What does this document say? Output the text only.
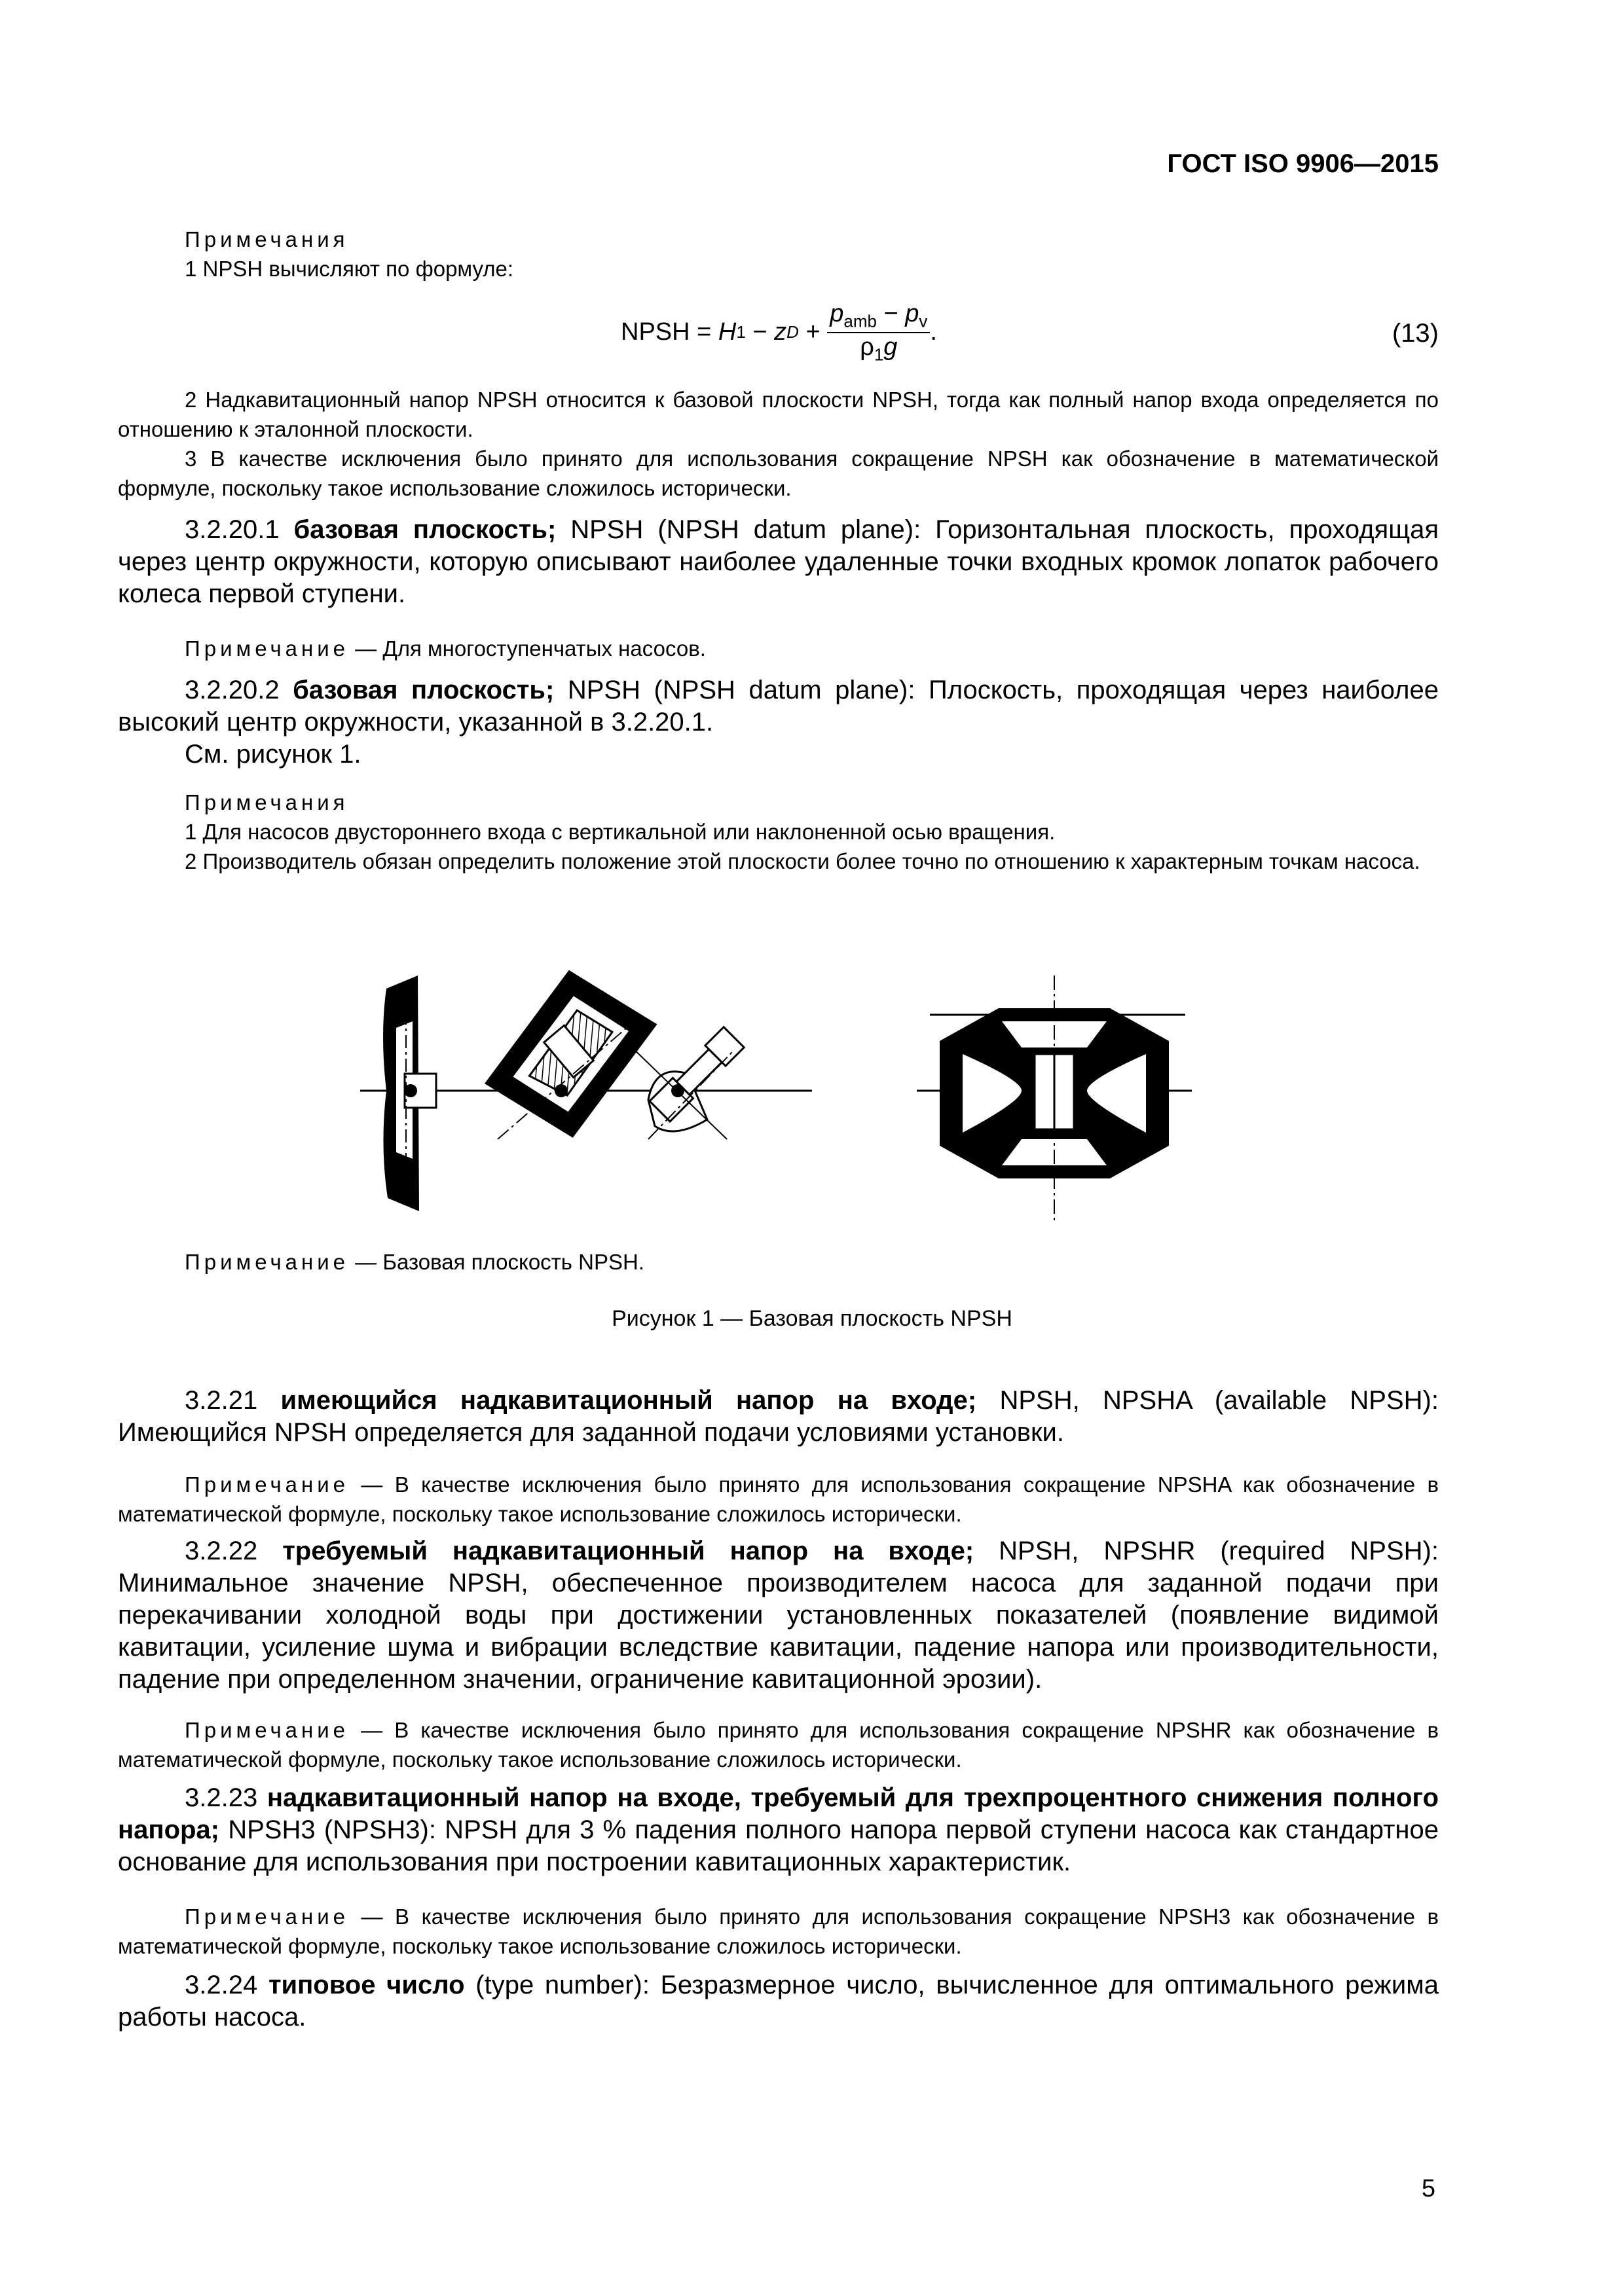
ГОСТ ISO 9906—2015
Примечания
1 NPSH вычисляют по формуле:
NPSH = H 1 − z D +
$p_{amb} - p_v$
$\rho_1g$
.	(13)
2 Надкавитационный напор NPSH относится к базовой плоскости NPSH, тогда как полный напор входа определяется по отношению к эталонной плоскости.
3 В качестве исключения было принято для использования сокращение NPSH как обозначение в математической формуле, поскольку такое использование сложилось исторически.
3.2.20.1 базовая плоскость; NPSH (NPSH datum plane): Горизонтальная плоскость, проходящая через центр окружности, которую описывают наиболее удаленные точки входных кромок лопаток рабочего колеса первой ступени.
Примечание — Для многоступенчатых насосов.
3.2.20.2 базовая плоскость; NPSH (NPSH datum plane): Плоскость, проходящая через наиболее высокий центр окружности, указанной в 3.2.20.1.
См. рисунок 1.
Примечания
1 Для насосов двустороннего входа с вертикальной или наклоненной осью вращения.
2 Производитель обязан определить положение этой плоскости более точно по отношению к характерным точкам насоса.
Примечание — Базовая плоскость NPSH.
Рисунок 1 — Базовая плоскость NPSH
3.2.21 имеющийся надкавитационный напор на входе; NPSH, NPSHA (available NPSH): Имеющийся NPSH определяется для заданной подачи условиями установки.
Примечание — В качестве исключения было принято для использования сокращение NPSHA как обозначение в математической формуле, поскольку такое использование сложилось исторически.
3.2.22 требуемый надкавитационный напор на входе; NPSH, NPSHR (required NPSH): Минимальное значение NPSH, обеспеченное производителем насоса для заданной подачи при перекачивании холодной воды при достижении установленных показателей (появление видимой кавитации, усиление шума и вибрации вследствие кавитации, падение напора или производительности, падение при определенном значении, ограничение кавитационной эрозии).
Примечание — В качестве исключения было принято для использования сокращение NPSHR как обозначение в математической формуле, поскольку такое использование сложилось исторически.
3.2.23 надкавитационный напор на входе, требуемый для трехпроцентного снижения полного напора; NPSH3 (NPSH3): NPSH для 3 % падения полного напора первой ступени насоса как стандартное основание для использования при построении кавитационных характеристик.
Примечание — В качестве исключения было принято для использования сокращение NPSH3 как обозначение в математической формуле, поскольку такое использование сложилось исторически.
3.2.24 типовое число (type number): Безразмерное число, вычисленное для оптимального режима работы насоса.
5
